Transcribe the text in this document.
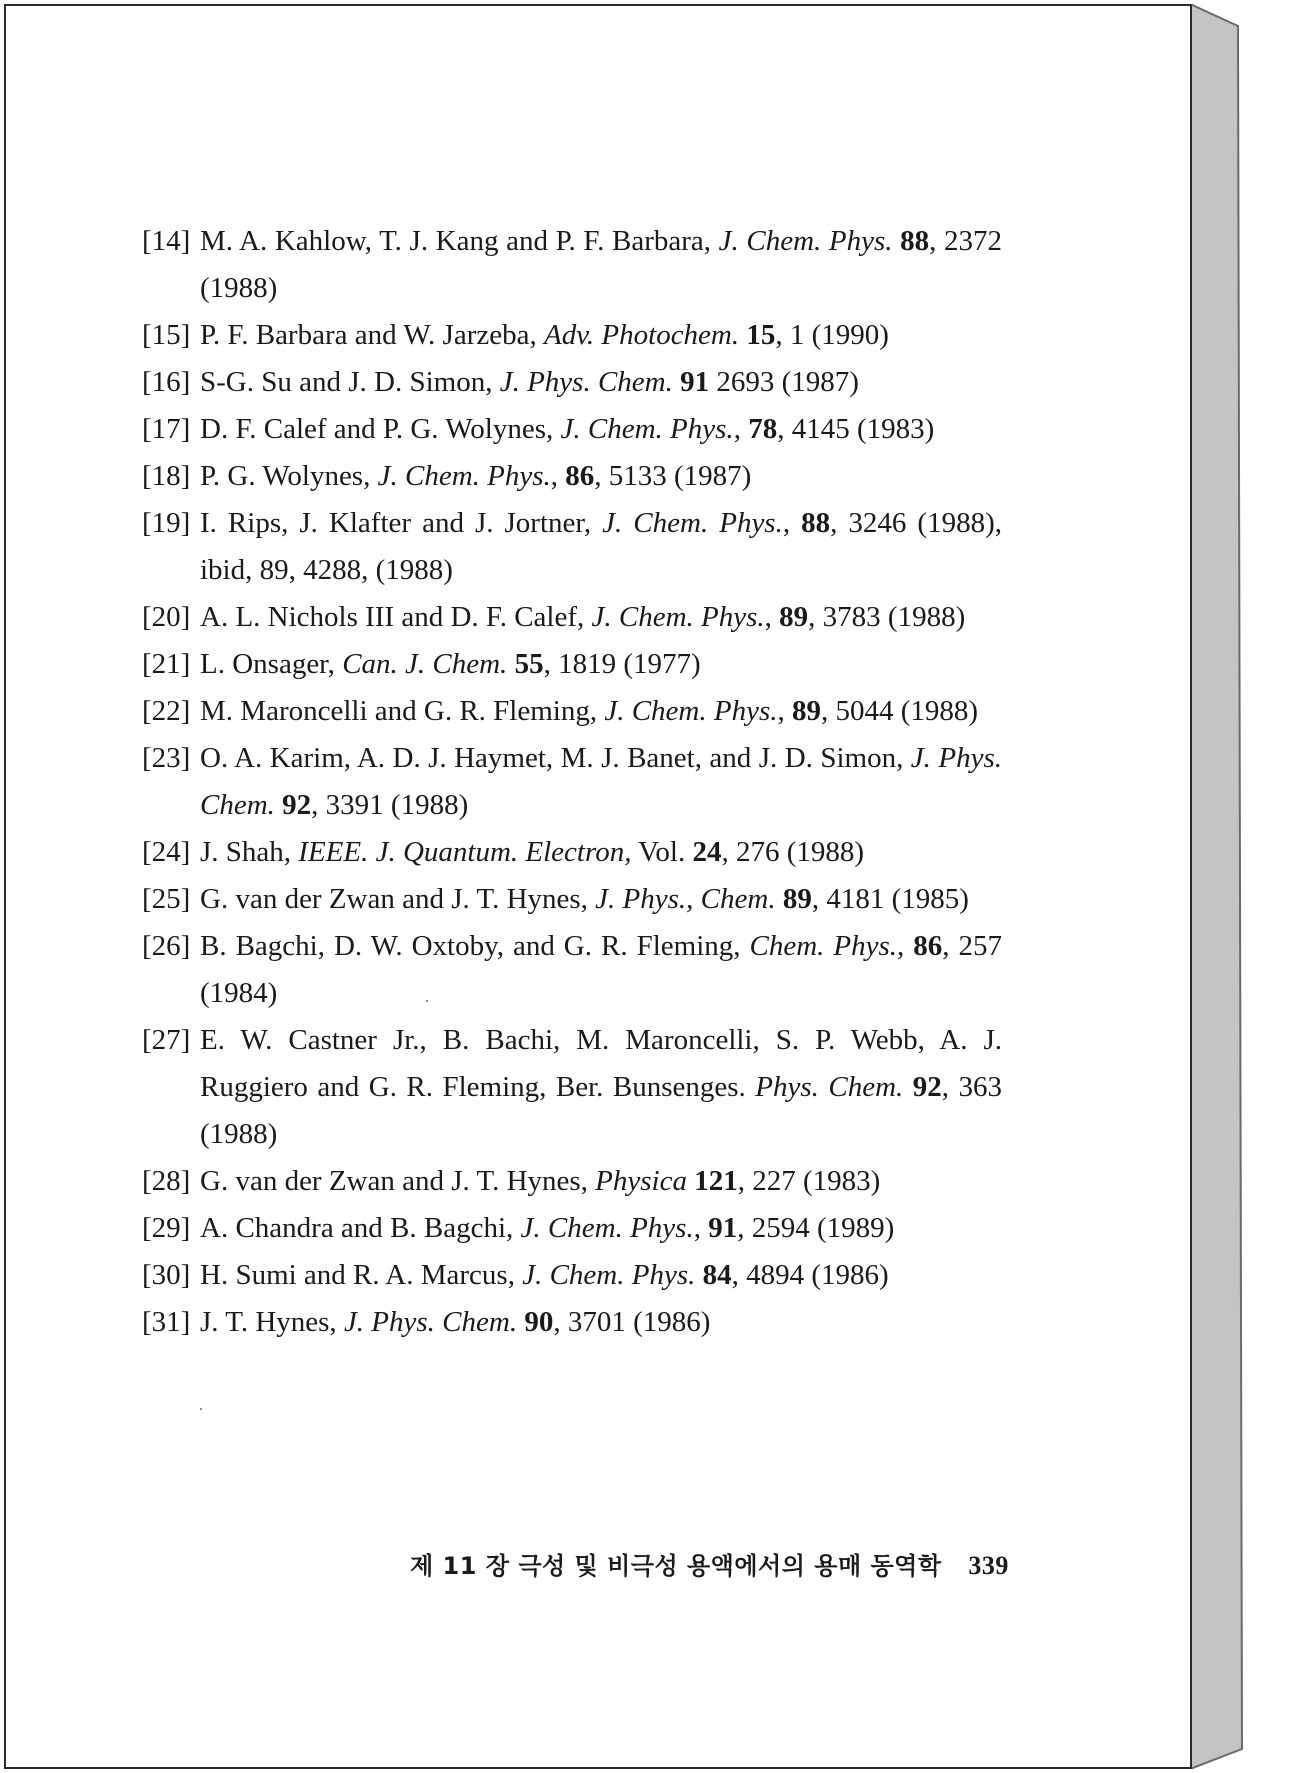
[14] M. A. Kahlow, T. J. Kang and P. F. Barbara, J. Chem. Phys. 88, 2372 (1988)
[15] P. F. Barbara and W. Jarzeba, Adv. Photochem. 15, 1 (1990)
[16] S-G. Su and J. D. Simon, J. Phys. Chem. 91 2693 (1987)
[17] D. F. Calef and P. G. Wolynes, J. Chem. Phys., 78, 4145 (1983)
[18] P. G. Wolynes, J. Chem. Phys., 86, 5133 (1987)
[19] I. Rips, J. Klafter and J. Jortner, J. Chem. Phys., 88, 3246 (1988), ibid, 89, 4288, (1988)
[20] A. L. Nichols III and D. F. Calef, J. Chem. Phys., 89, 3783 (1988)
[21] L. Onsager, Can. J. Chem. 55, 1819 (1977)
[22] M. Maroncelli and G. R. Fleming, J. Chem. Phys., 89, 5044 (1988)
[23] O. A. Karim, A. D. J. Haymet, M. J. Banet, and J. D. Simon, J. Phys. Chem. 92, 3391 (1988)
[24] J. Shah, IEEE. J. Quantum. Electron, Vol. 24, 276 (1988)
[25] G. van der Zwan and J. T. Hynes, J. Phys., Chem. 89, 4181 (1985)
[26] B. Bagchi, D. W. Oxtoby, and G. R. Fleming, Chem. Phys., 86, 257 (1984)
[27] E. W. Castner Jr., B. Bachi, M. Maroncelli, S. P. Webb, A. J. Ruggiero and G. R. Fleming, Ber. Bunsenges. Phys. Chem. 92, 363 (1988)
[28] G. van der Zwan and J. T. Hynes, Physica 121, 227 (1983)
[29] A. Chandra and B. Bagchi, J. Chem. Phys., 91, 2594 (1989)
[30] H. Sumi and R. A. Marcus, J. Chem. Phys. 84, 4894 (1986)
[31] J. T. Hynes, J. Phys. Chem. 90, 3701 (1986)
제 11 장 극성 및 비극성 용액에서의 용매 동역학 339
